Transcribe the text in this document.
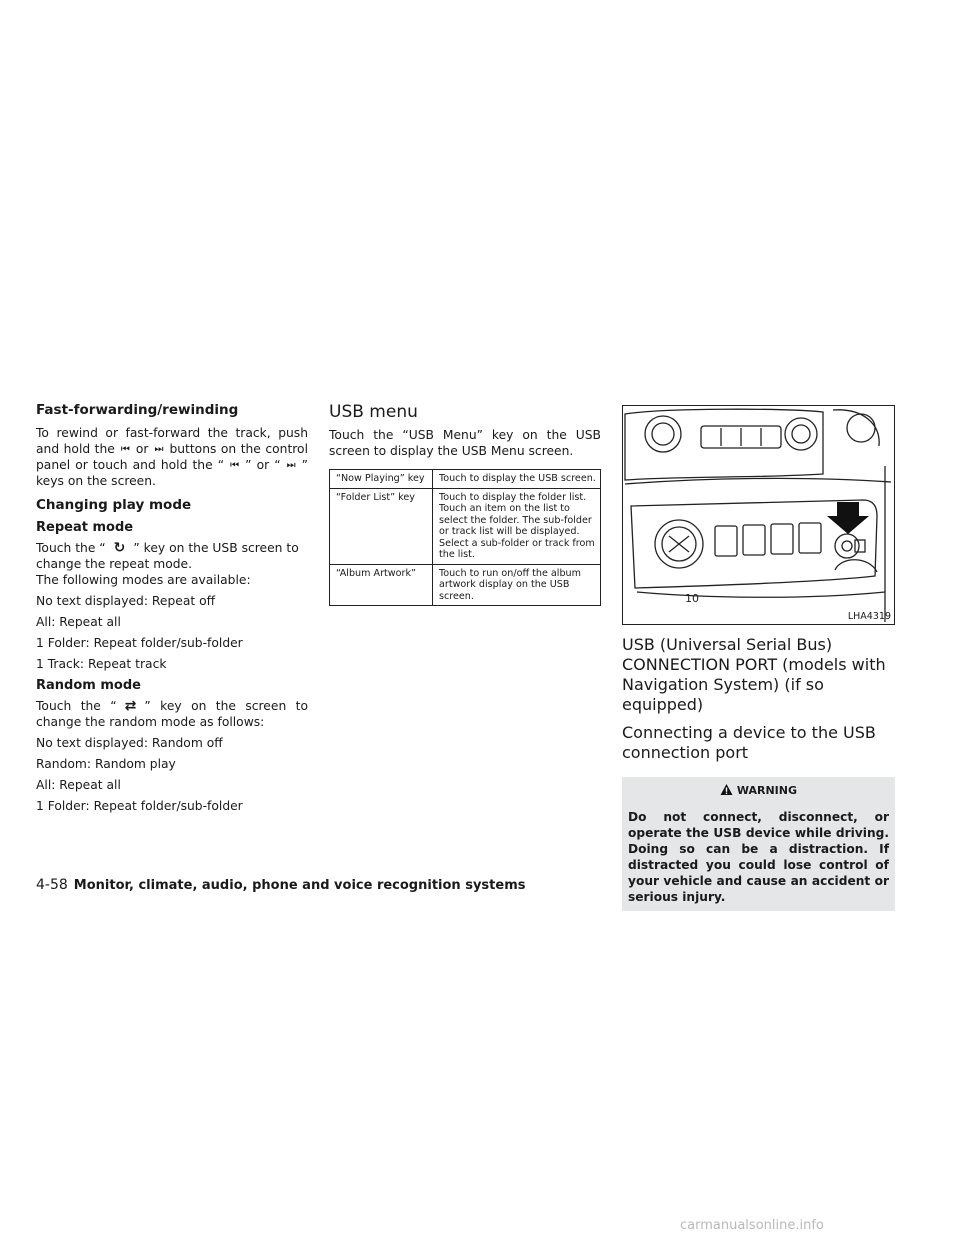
Fast-forwarding/rewinding
To rewind or fast-forward the track, push and hold the ⏮ or ⏭ buttons on the control panel or touch and hold the “ ⏮ ” or “ ⏭ ” keys on the screen.
Changing play mode
Repeat mode
Touch the “ ↻ ” key on the USB screen to change the repeat mode.
The following modes are available:
No text displayed: Repeat off
All: Repeat all
1 Folder: Repeat folder/sub-folder
1 Track: Repeat track
Random mode
Touch the “ ⇄ ” key on the screen to change the random mode as follows:
No text displayed: Random off
Random: Random play
All: Repeat all
1 Folder: Repeat folder/sub-folder
USB menu
Touch the “USB Menu” key on the USB screen to display the USB Menu screen.
“Now Playing” key	Touch to display the USB screen.
“Folder List” key	Touch to display the folder list. Touch an item on the list to select the folder. The sub-folder or track list will be displayed. Select a sub-folder or track from the list.
“Album Artwork”	Touch to run on/off the album artwork display on the USB screen.	10
LHA4319
USB (Universal Serial Bus) CONNECTION PORT (models with Navigation System) (if so equipped)
Connecting a device to the USB connection port
WARNING
Do not connect, disconnect, or operate the USB device while driving. Doing so can be a distraction. If distracted you could lose control of your vehicle and cause an accident or serious injury.
4-58 Monitor, climate, audio, phone and voice recognition systems
carmanualsonline.info
